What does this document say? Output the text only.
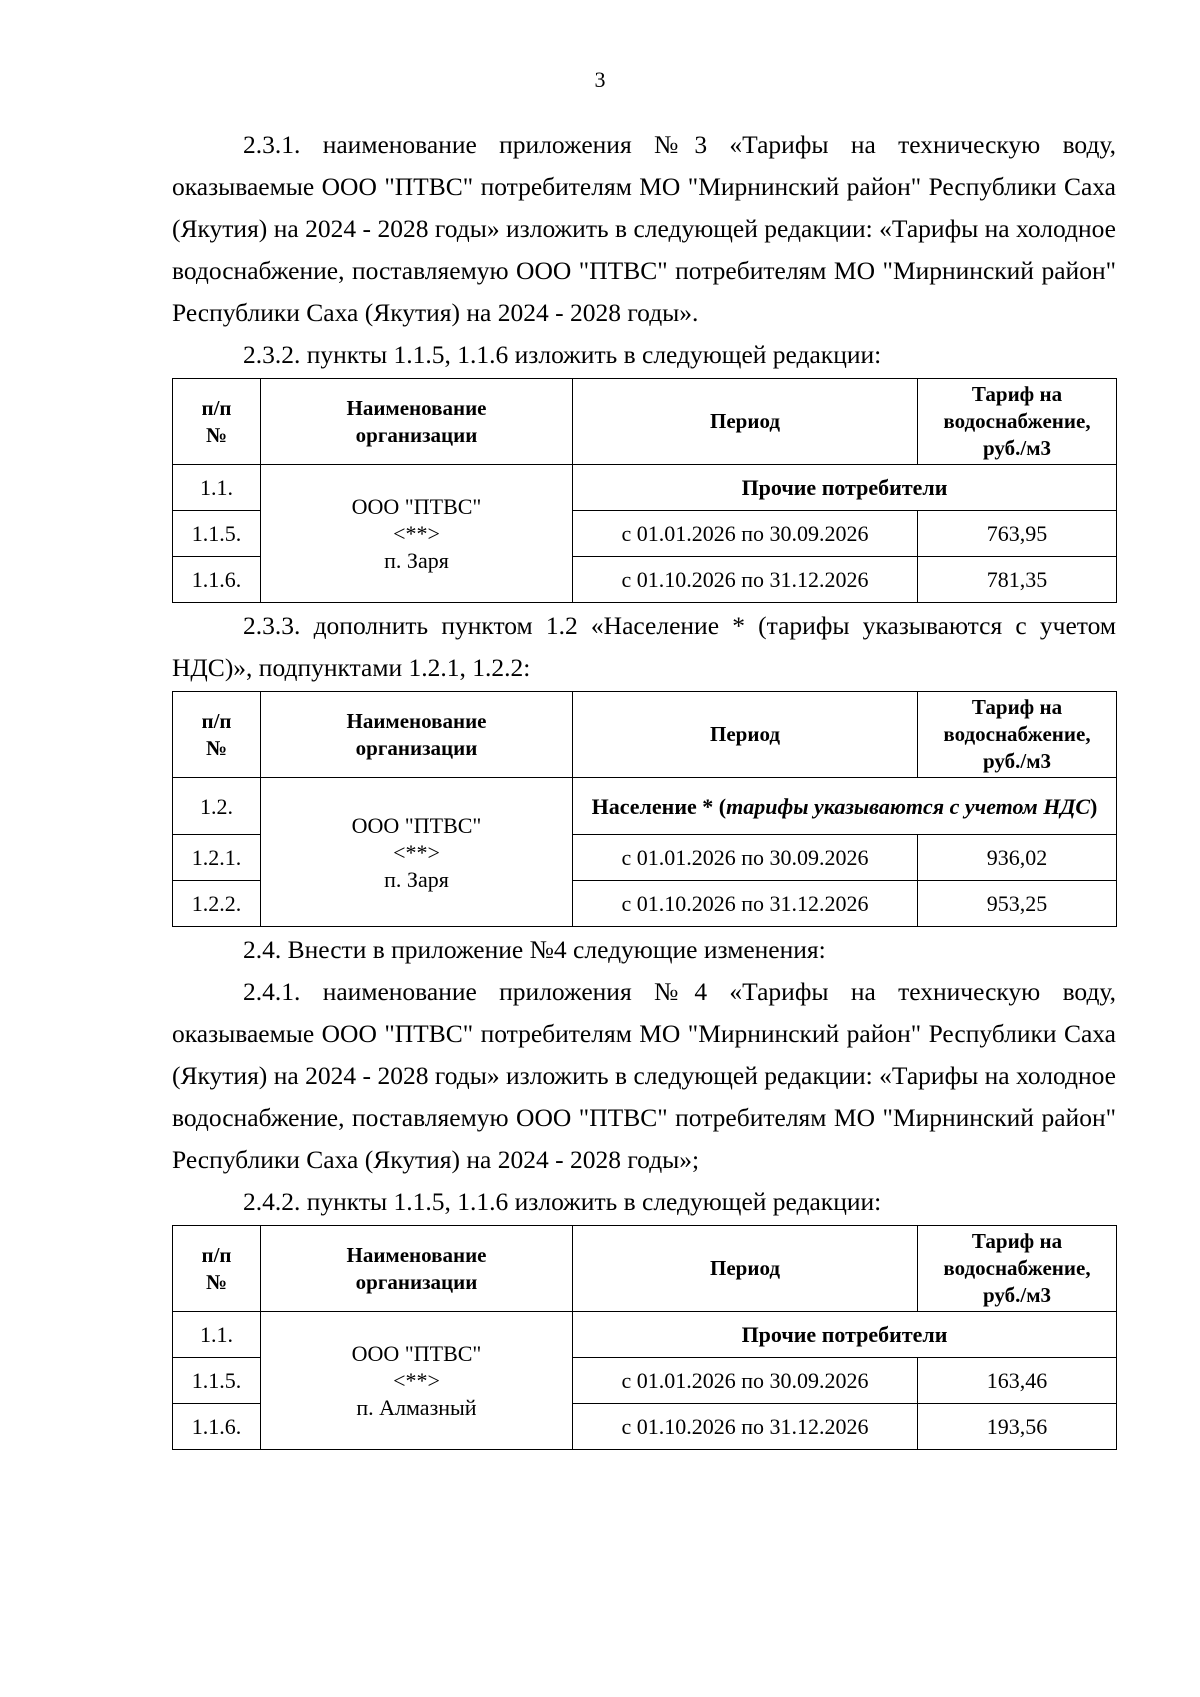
3

2.3.1. наименование приложения №3 «Тарифы на техническую воду, оказываемые ООО "ПТВС" потребителям МО "Мирнинский район" Республики Саха (Якутия) на 2024 - 2028 годы» изложить в следующей редакции: «Тарифы на холодное водоснабжение, поставляемую ООО "ПТВС" потребителям МО "Мирнинский район" Республики Саха (Якутия) на 2024 - 2028 годы».

2.3.2. пункты 1.1.5, 1.1.6 изложить в следующей редакции:

п/п
№	Наименование
организации	Период	Тариф на
водоснабжение,
руб./м3
1.1.	ООО "ПТВС"
<**>
п. Заря	Прочие потребители	
1.1.5.		с 01.01.2026 по 30.09.2026	763,95
1.1.6.		с 01.10.2026 по 31.12.2026	781,35

2.3.3. дополнить пунктом 1.2 «Население * (тарифы указываются с учетом НДС)», подпунктами 1.2.1, 1.2.2:

п/п
№	Наименование
организации	Период	Тариф на
водоснабжение,
руб./м3
1.2.	ООО "ПТВС"
<**>
п. Заря	Население * (тарифы указываются с учетом НДС)	
1.2.1.		с 01.01.2026 по 30.09.2026	936,02
1.2.2.		с 01.10.2026 по 31.12.2026	953,25

2.4. Внести в приложение №4 следующие изменения:

2.4.1. наименование приложения №4 «Тарифы на техническую воду, оказываемые ООО "ПТВС" потребителям МО "Мирнинский район" Республики Саха (Якутия) на 2024 - 2028 годы» изложить в следующей редакции: «Тарифы на холодное водоснабжение, поставляемую ООО "ПТВС" потребителям МО "Мирнинский район" Республики Саха (Якутия) на 2024 - 2028 годы»;

2.4.2. пункты 1.1.5, 1.1.6 изложить в следующей редакции:

п/п
№	Наименование
организации	Период	Тариф на
водоснабжение,
руб./м3
1.1.	ООО "ПТВС"
<**>
п. Алмазный	Прочие потребители	
1.1.5.		с 01.01.2026 по 30.09.2026	163,46
1.1.6.		с 01.10.2026 по 31.12.2026	193,56
